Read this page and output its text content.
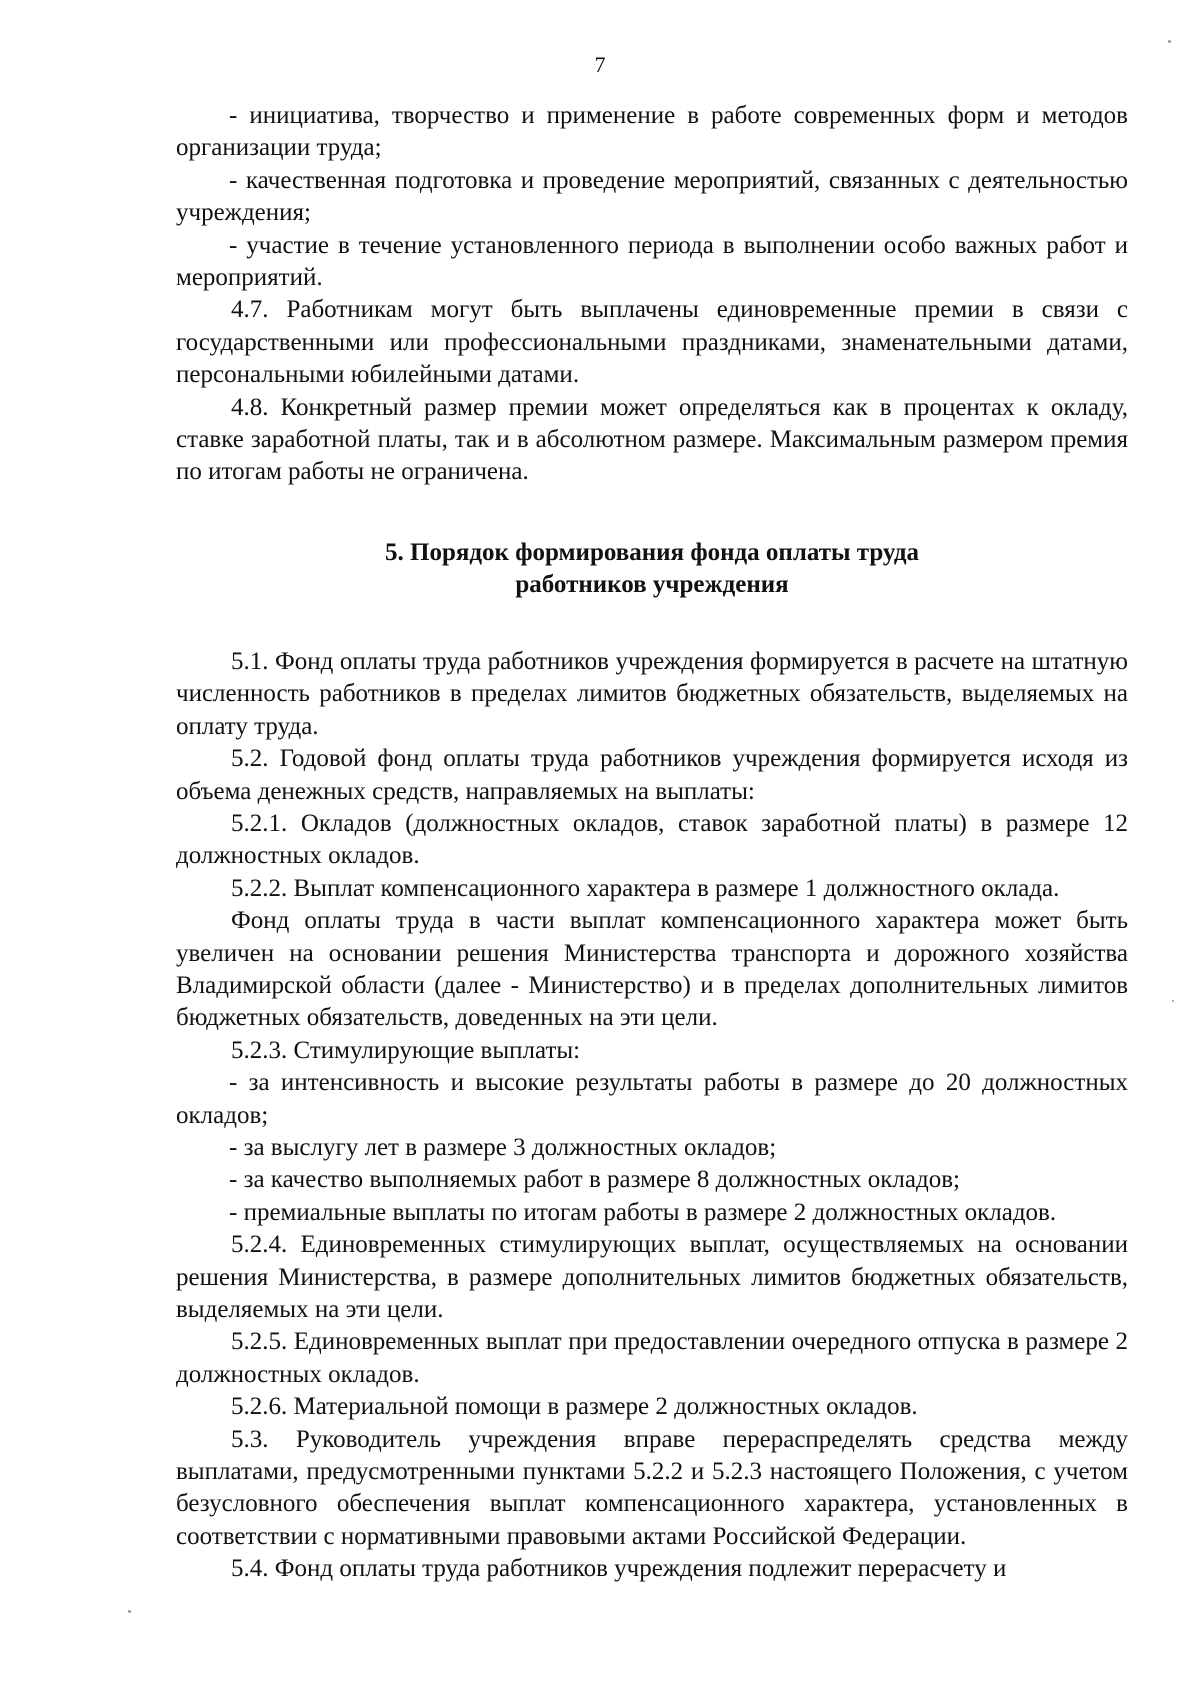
7

- инициатива, творчество и применение в работе современных форм и методов организации труда;

- качественная подготовка и проведение мероприятий, связанных с деятельностью учреждения;

- участие в течение установленного периода в выполнении особо важных работ и мероприятий.

4.7. Работникам могут быть выплачены единовременные премии в связи с государственными или профессиональными праздниками, знаменательными датами, персональными юбилейными датами.

4.8. Конкретный размер премии может определяться как в процентах к окладу, ставке заработной платы, так и в абсолютном размере. Максимальным размером премия по итогам работы не ограничена.

5. Порядок формирования фонда оплаты труда
работников учреждения

5.1. Фонд оплаты труда работников учреждения формируется в расчете на штатную численность работников в пределах лимитов бюджетных обязательств, выделяемых на оплату труда.

5.2. Годовой фонд оплаты труда работников учреждения формируется исходя из объема денежных средств, направляемых на выплаты:

5.2.1. Окладов (должностных окладов, ставок заработной платы) в размере 12 должностных окладов.

5.2.2. Выплат компенсационного характера в размере 1 должностного оклада.

Фонд оплаты труда в части выплат компенсационного характера может быть увеличен на основании решения Министерства транспорта и дорожного хозяйства Владимирской области (далее - Министерство) и в пределах дополнительных лимитов бюджетных обязательств, доведенных на эти цели.

5.2.3. Стимулирующие выплаты:

- за интенсивность и высокие результаты работы в размере до 20 должностных окладов;

- за выслугу лет в размере 3 должностных окладов;

- за качество выполняемых работ в размере 8 должностных окладов;

- премиальные выплаты по итогам работы в размере 2 должностных окладов.

5.2.4. Единовременных стимулирующих выплат, осуществляемых на основании решения Министерства, в размере дополнительных лимитов бюджетных обязательств, выделяемых на эти цели.

5.2.5. Единовременных выплат при предоставлении очередного отпуска в размере 2 должностных окладов.

5.2.6. Материальной помощи в размере 2 должностных окладов.

5.3. Руководитель учреждения вправе перераспределять средства между выплатами, предусмотренными пунктами 5.2.2 и 5.2.3 настоящего Положения, с учетом безусловного обеспечения выплат компенсационного характера, установленных в соответствии с нормативными правовыми актами Российской Федерации.

5.4. Фонд оплаты труда работников учреждения подлежит перерасчету и
